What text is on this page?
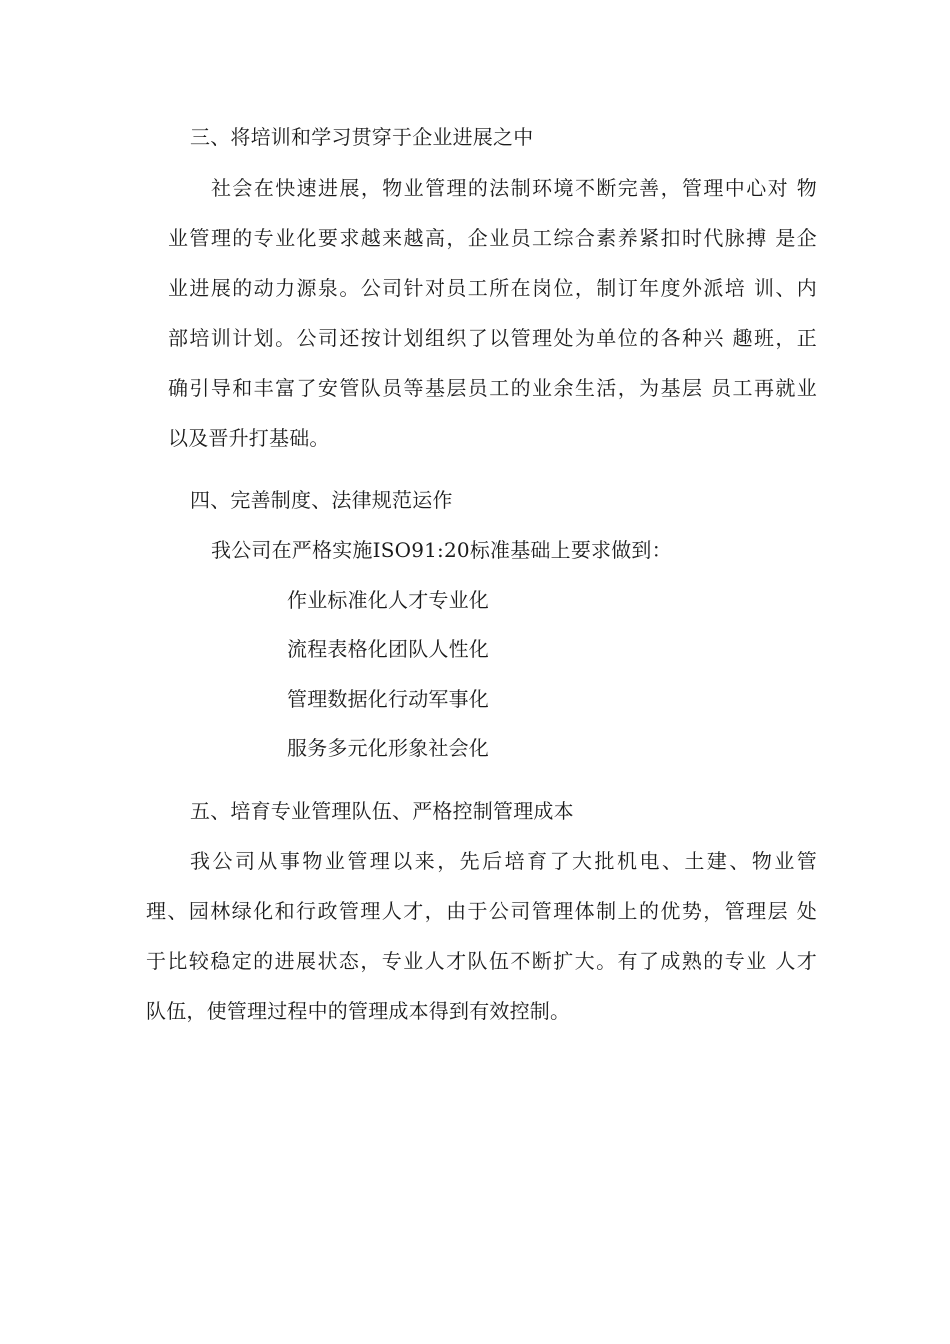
三、将培训和学习贯穿于企业进展之中
社会在快速进展，物业管理的法制环境不断完善，管理中心对 物
业管理的专业化要求越来越高，企业员工综合素养紧扣时代脉搏 是企
业进展的动力源泉。公司针对员工所在岗位，制订年度外派培 训、内
部培训计划。公司还按计划组织了以管理处为单位的各种兴 趣班，正
确引导和丰富了安管队员等基层员工的业余生活，为基层 员工再就业
以及晋升打基础。
四、完善制度、法律规范运作
我公司在严格实施ISO91:20标准基础上要求做到：
作业标准化人才专业化
流程表格化团队人性化
管理数据化行动军事化
服务多元化形象社会化
五、培育专业管理队伍、严格控制管理成本
我公司从事物业管理以来，先后培育了大批机电、土建、物业管
理、园林绿化和行政管理人才，由于公司管理体制上的优势，管理层 处
于比较稳定的进展状态，专业人才队伍不断扩大。有了成熟的专业 人才
队伍，使管理过程中的管理成本得到有效控制。
